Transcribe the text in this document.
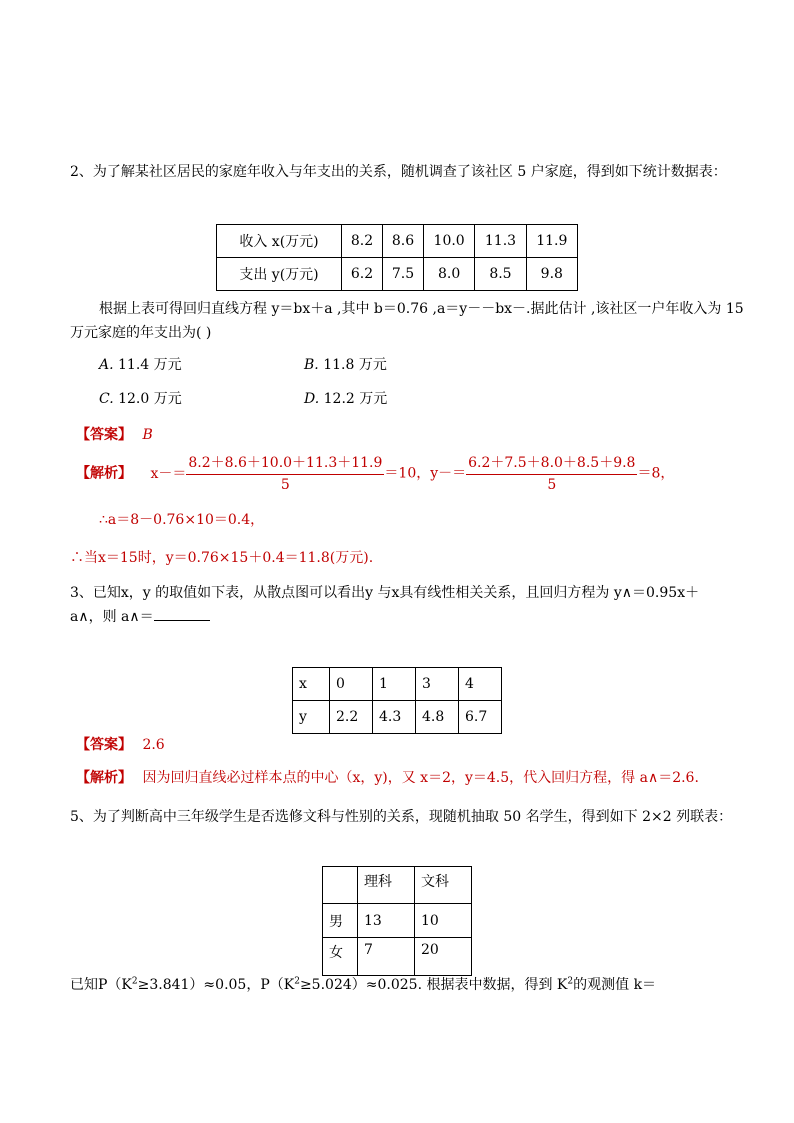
2、为了解某社区居民的家庭年收入与年支出的关系，随机调查了该社区 5 户家庭，得到如下统计数据表：
收入 x(万元)	8.2	8.6	10.0	11.3	11.9
支出 y(万元)	6.2	7.5	8.0	8.5	9.8
根据上表可得回归直线方程 y＝bx＋a ,其中 b＝0.76 ,a＝y－－bx－.据此估计 ,该社区一户年收入为 15
万元家庭的年支出为( )
A. 11.4 万元	B. 11.8 万元
C. 12.0 万元	D. 12.2 万元
【答案】 B
【解析】 $x-= \frac{8.2+8.6+10.0+11.3+11.9}{5} =10$，$y-= \frac{6.2+7.5+8.0+8.5+9.8}{5} =8$，
∴a＝8－0.76×10＝0.4，
∴当x＝15时，y＝0.76×15＋0.4＝11.8(万元).
3、已知x，y 的取值如下表，从散点图可以看出y 与x具有线性相关关系，且回归方程为 y∧＝0.95x＋
a∧，则 a∧＝
x	0	1	3	4
y	2.2	4.3	4.8	6.7
【答案】 2.6
【解析】 因为回归直线必过样本点的中心（x，y)，又 x＝2，y＝4.5，代入回归方程，得 a∧＝2.6.
5、为了判断高中三年级学生是否选修文科与性别的关系，现随机抽取 50 名学生，得到如下 2×2 列联表：
	理科	文科
男	13	10
女	7	20
已知$P(K^2\ge 3.841)\approx 0.05$，$P(K^2\ge 5.024)\approx 0.025$. 根据表中数据，得到 $K^2$的观测值 k＝
